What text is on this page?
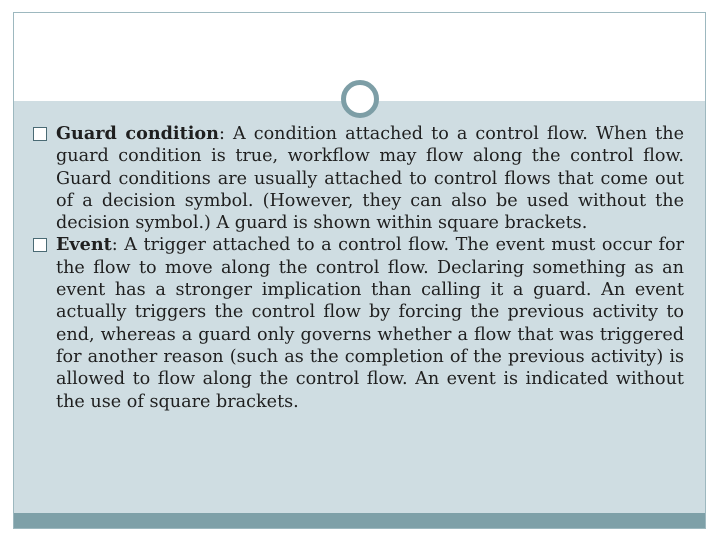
Guard condition: A condition attached to a control flow. When the guard condition is true, workflow may flow along the control flow. Guard conditions are usually attached to control flows that come out of a decision symbol. (However, they can also be used without the decision symbol.) A guard is shown within square brackets.
Event: A trigger attached to a control flow. The event must occur for the flow to move along the control flow. Declaring something as an event has a stronger implication than calling it a guard. An event actually triggers the control flow by forcing the previous activity to end, whereas a guard only governs whether a flow that was triggered for another reason (such as the completion of the previous activity) is allowed to flow along the control flow. An event is indicated without the use of square brackets.
